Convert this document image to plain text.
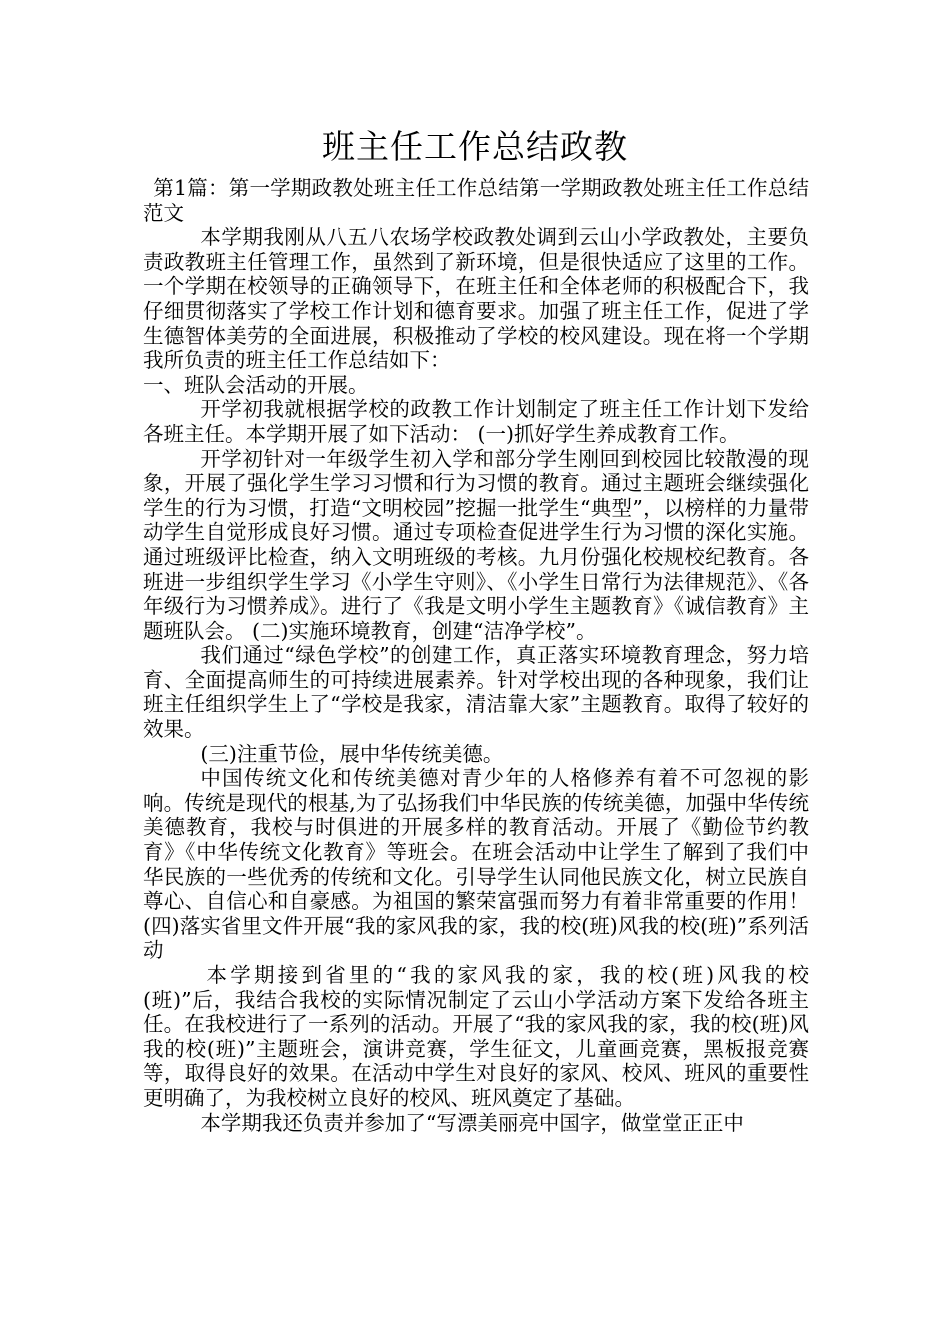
班主任工作总结政教

第1篇：第一学期政教处班主任工作总结第一学期政教处班主任工作总结范文

本学期我刚从八五八农场学校政教处调到云山小学政教处，主要负责政教班主任管理工作，虽然到了新环境，但是很快适应了这里的工作。一个学期在校领导的正确领导下，在班主任和全体老师的积极配合下，我仔细贯彻落实了学校工作计划和德育要求。加强了班主任工作，促进了学生德智体美劳的全面进展，积极推动了学校的校风建设。现在将一个学期我所负责的班主任工作总结如下：

一、班队会活动的开展。

开学初我就根据学校的政教工作计划制定了班主任工作计划下发给各班主任。本学期开展了如下活动： (一)抓好学生养成教育工作。

开学初针对一年级学生初入学和部分学生刚回到校园比较散漫的现象，开展了强化学生学习习惯和行为习惯的教育。通过主题班会继续强化学生的行为习惯，打造“文明校园”挖掘一批学生“典型”，以榜样的力量带动学生自觉形成良好习惯。通过专项检查促进学生行为习惯的深化实施。通过班级评比检查，纳入文明班级的考核。九月份强化校规校纪教育。各班进一步组织学生学习《小学生守则》、《小学生日常行为法律规范》、《各年级行为习惯养成》。进行了《我是文明小学生主题教育》《诚信教育》主题班队会。 (二)实施环境教育，创建“洁净学校”。

我们通过“绿色学校”的创建工作，真正落实环境教育理念，努力培育、全面提高师生的可持续进展素养。针对学校出现的各种现象，我们让班主任组织学生上了“学校是我家，清洁靠大家”主题教育。取得了较好的效果。

(三)注重节俭，展中华传统美德。

中国传统文化和传统美德对青少年的人格修养有着不可忽视的影响。传统是现代的根基,为了弘扬我们中华民族的传统美德，加强中华传统美德教育，我校与时俱进的开展多样的教育活动。开展了《勤俭节约教育》《中华传统文化教育》等班会。在班会活动中让学生了解到了我们中华民族的一些优秀的传统和文化。引导学生认同他民族文化，树立民族自尊心、自信心和自豪感。为祖国的繁荣富强而努力有着非常重要的作用！(四)落实省里文件开展“我的家风我的家，我的校(班)风我的校(班)”系列活动

本学期接到省里的“我的家风我的家，我的校(班)风我的校(班)”后，我结合我校的实际情况制定了云山小学活动方案下发给各班主任。在我校进行了一系列的活动。开展了“我的家风我的家，我的校(班)风我的校(班)”主题班会，演讲竞赛，学生征文，儿童画竞赛，黑板报竞赛等，取得良好的效果。在活动中学生对良好的家风、校风、班风的重要性更明确了，为我校树立良好的校风、班风奠定了基础。

本学期我还负责并参加了“写漂美丽亮中国字，做堂堂正正中
